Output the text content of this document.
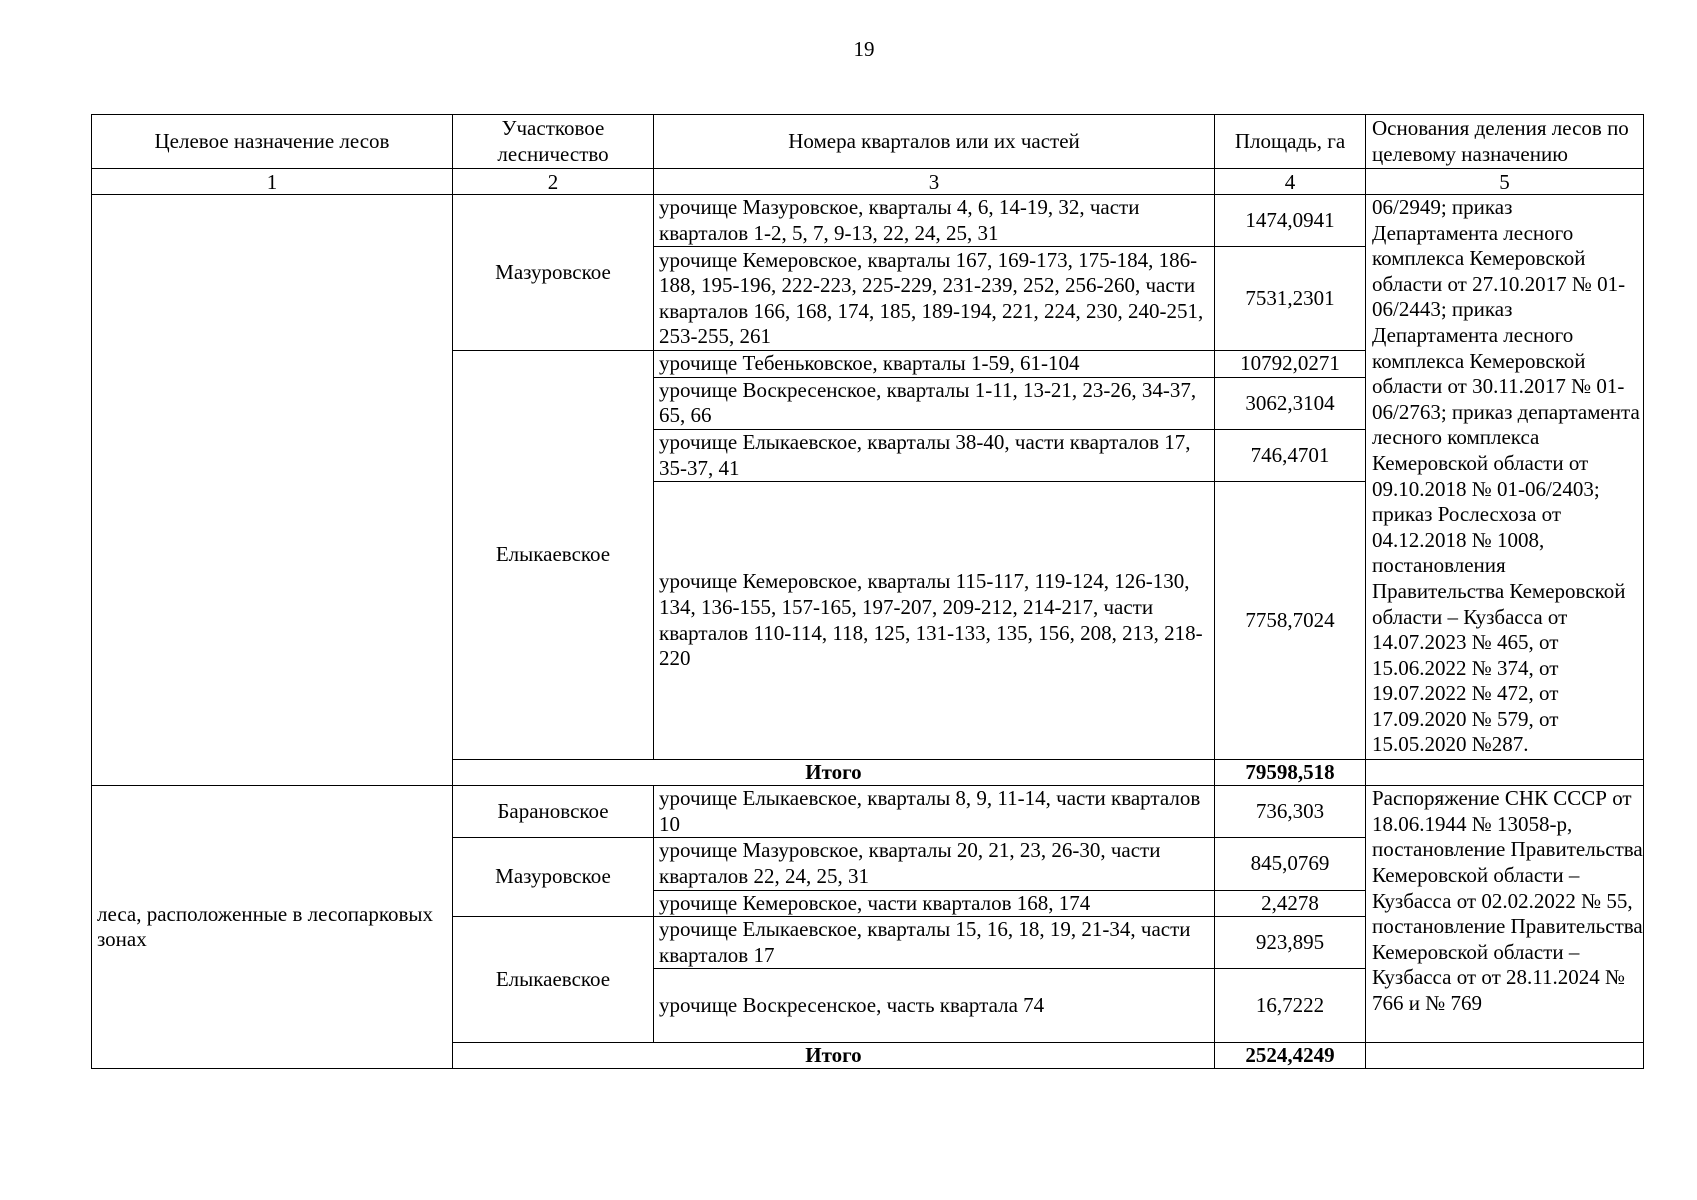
19
Целевое назначение лесов	Участковое лесничество	Номера кварталов или их частей	Площадь, га	Основания деления лесов по целевому назначению
1	2	3	4	5
	Мазуровское	урочище Мазуровское, кварталы 4, 6, 14-19, 32, части кварталов 1-2, 5, 7, 9-13, 22, 24, 25, 31	1474,0941	06/2949; приказ Департамента лесного комплекса Кемеровской области от 27.10.2017 № 01-06/2443; приказ Департамента лесного комплекса Кемеровской области от 30.11.2017 № 01-06/2763; приказ департамента лесного комплекса Кемеровской области от 09.10.2018 № 01-06/2403; приказ Рослесхоза от 04.12.2018 № 1008, постановления Правительства Кемеровской области – Кузбасса от 14.07.2023 № 465, от 15.06.2022 № 374, от 19.07.2022 № 472, от 17.09.2020 № 579, от 15.05.2020 №287.
		урочище Кемеровское, кварталы 167, 169-173, 175-184, 186-188, 195-196, 222-223, 225-229, 231-239, 252, 256-260, части кварталов 166, 168, 174, 185, 189-194, 221, 224, 230, 240-251, 253-255, 261	7531,2301	
	Елыкаевское	урочище Тебеньковское, кварталы 1-59, 61-104	10792,0271	
		урочище Воскресенское, кварталы 1-11, 13-21, 23-26, 34-37, 65, 66	3062,3104	
		урочище Елыкаевское, кварталы 38-40, части кварталов 17, 35-37, 41	746,4701	
		урочище Кемеровское, кварталы 115-117, 119-124, 126-130, 134, 136-155, 157-165, 197-207, 209-212, 214-217, части кварталов 110-114, 118, 125, 131-133, 135, 156, 208, 213, 218-220	7758,7024	
	Итого		79598,518	
леса, расположенные в лесопарковых зонах	Барановское	урочище Елыкаевское, кварталы 8, 9, 11-14, части кварталов 10	736,303	Распоряжение СНК СССР от 18.06.1944 № 13058-р, постановление Правительства Кемеровской области – Кузбасса от 02.02.2022 № 55, постановление Правительства Кемеровской области – Кузбасса от от 28.11.2024 № 766 и № 769
	Мазуровское	урочище Мазуровское, кварталы 20, 21, 23, 26-30, части кварталов 22, 24, 25, 31	845,0769	
		урочище Кемеровское, части кварталов 168, 174	2,4278	
	Елыкаевское	урочище Елыкаевское, кварталы 15, 16, 18, 19, 21-34, части кварталов 17	923,895	
		урочище Воскресенское, часть квартала 74	16,7222	
	Итого		2524,4249	
